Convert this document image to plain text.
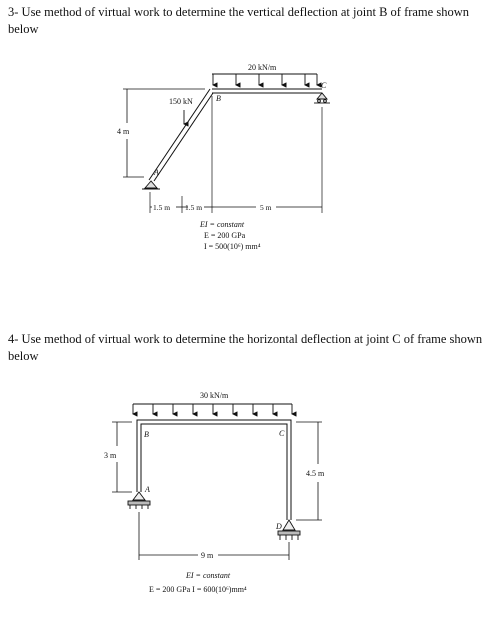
3- Use method of virtual work to determine the vertical deflection at joint B of frame shown below
4- Use method of virtual work to determine the horizontal deflection at joint C of frame shown below
20 kN/m
150 kN	B
C
A
4 m
1.5 m 1.5 m	5 m
EI = constant
E = 200 GPa
I = 500(10⁶) mm⁴
30 kN/m
B	C
A
D
3 m
4.5 m
9 m
EI = constant
E = 200 GPa I = 600(10⁶)mm⁴
